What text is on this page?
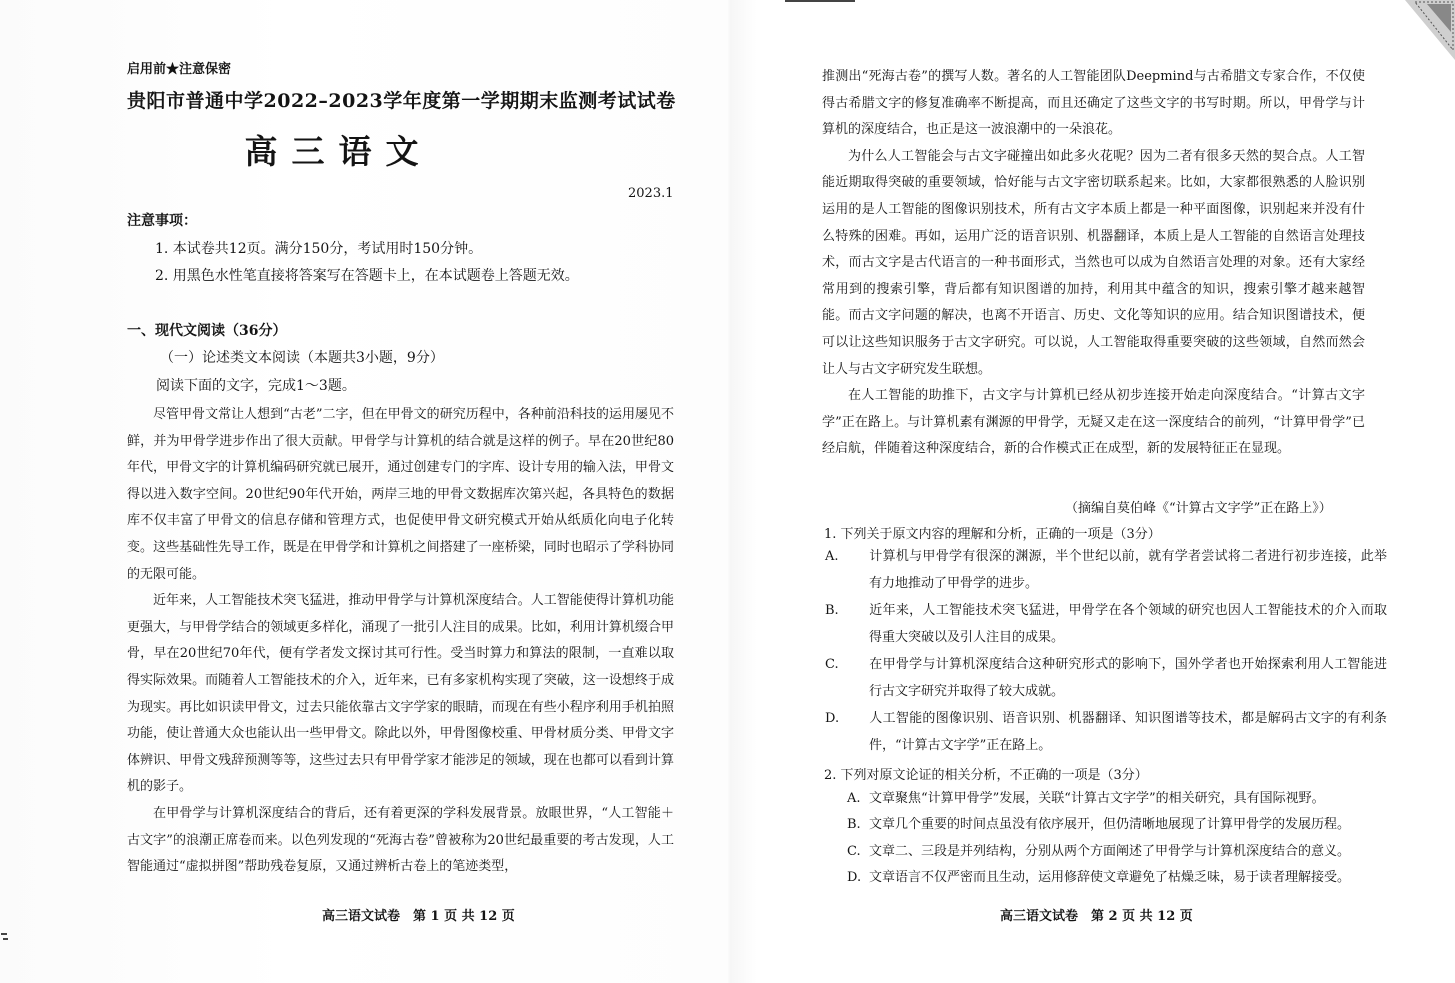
启用前★注意保密
贵阳市普通中学2022–2023学年度第一学期期末监测考试试卷
高三语文
2023.1
注意事项：
1. 本试卷共12页。满分150分，考试用时150分钟。
2. 用黑色水性笔直接将答案写在答题卡上，在本试题卷上答题无效。
一、现代文阅读（36分）
（一）论述类文本阅读（本题共3小题，9分）
阅读下面的文字，完成1～3题。

尽管甲骨文常让人想到“古老”二字，但在甲骨文的研究历程中，各种前沿科技的运用屡见不鲜，并为甲骨学进步作出了很大贡献。甲骨学与计算机的结合就是这样的例子。早在20世纪80年代，甲骨文字的计算机编码研究就已展开，通过创建专门的字库、设计专用的输入法，甲骨文得以进入数字空间。20世纪90年代开始，两岸三地的甲骨文数据库次第兴起，各具特色的数据库不仅丰富了甲骨文的信息存储和管理方式，也促使甲骨文研究模式开始从纸质化向电子化转变。这些基础性先导工作，既是在甲骨学和计算机之间搭建了一座桥梁，同时也昭示了学科协同的无限可能。

近年来，人工智能技术突飞猛进，推动甲骨学与计算机深度结合。人工智能使得计算机功能更强大，与甲骨学结合的领域更多样化，涌现了一批引人注目的成果。比如，利用计算机缀合甲骨，早在20世纪70年代，便有学者发文探讨其可行性。受当时算力和算法的限制，一直难以取得实际效果。而随着人工智能技术的介入，近年来，已有多家机构实现了突破，这一设想终于成为现实。再比如识读甲骨文，过去只能依靠古文字学家的眼睛，而现在有些小程序利用手机拍照功能，使让普通大众也能认出一些甲骨文。除此以外，甲骨图像校重、甲骨材质分类、甲骨文字体辨识、甲骨文残辞预测等等，这些过去只有甲骨学家才能涉足的领域，现在也都可以看到计算机的影子。

在甲骨学与计算机深度结合的背后，还有着更深的学科发展背景。放眼世界，“人工智能＋古文字”的浪潮正席卷而来。以色列发现的“死海古卷”曾被称为20世纪最重要的考古发现，人工智能通过“虚拟拼图”帮助残卷复原，又通过辨析古卷上的笔迹类型，

高三语文试卷　第 1 页 共 12 页

推测出“死海古卷”的撰写人数。著名的人工智能团队Deepmind与古希腊文专家合作，不仅使得古希腊文字的修复准确率不断提高，而且还确定了这些文字的书写时期。所以，甲骨学与计算机的深度结合，也正是这一波浪潮中的一朵浪花。

为什么人工智能会与古文字碰撞出如此多火花呢？因为二者有很多天然的契合点。人工智能近期取得突破的重要领域，恰好能与古文字密切联系起来。比如，大家都很熟悉的人脸识别运用的是人工智能的图像识别技术，所有古文字本质上都是一种平面图像，识别起来并没有什么特殊的困难。再如，运用广泛的语音识别、机器翻译，本质上是人工智能的自然语言处理技术，而古文字是古代语言的一种书面形式，当然也可以成为自然语言处理的对象。还有大家经常用到的搜索引擎，背后都有知识图谱的加持，利用其中蕴含的知识，搜索引擎才越来越智能。而古文字问题的解决，也离不开语言、历史、文化等知识的应用。结合知识图谱技术，便可以让这些知识服务于古文字研究。可以说，人工智能取得重要突破的这些领域，自然而然会让人与古文字研究发生联想。

在人工智能的助推下，古文字与计算机已经从初步连接开始走向深度结合。“计算古文字学”正在路上。与计算机素有渊源的甲骨学，无疑又走在这一深度结合的前列，“计算甲骨学”已经启航，伴随着这种深度结合，新的合作模式正在成型，新的发展特征正在显现。

（摘编自莫伯峰《“计算古文字学”正在路上》）
1. 下列关于原文内容的理解和分析，正确的一项是（3分）
A. 计算机与甲骨学有很深的渊源，半个世纪以前，就有学者尝试将二者进行初步连接，此举有力地推动了甲骨学的进步。
B. 近年来，人工智能技术突飞猛进，甲骨学在各个领域的研究也因人工智能技术的介入而取得重大突破以及引人注目的成果。
C. 在甲骨学与计算机深度结合这种研究形式的影响下，国外学者也开始探索利用人工智能进行古文字研究并取得了较大成就。
D. 人工智能的图像识别、语音识别、机器翻译、知识图谱等技术，都是解码古文字的有利条件，“计算古文字学”正在路上。
2. 下列对原文论证的相关分析，不正确的一项是（3分）
A. 文章聚焦“计算甲骨学”发展，关联“计算古文字学”的相关研究，具有国际视野。
B. 文章几个重要的时间点虽没有依序展开，但仍清晰地展现了计算甲骨学的发展历程。
C. 文章二、三段是并列结构，分别从两个方面阐述了甲骨学与计算机深度结合的意义。
D. 文章语言不仅严密而且生动，运用修辞使文章避免了枯燥乏味，易于读者理解接受。
高三语文试卷　第 2 页 共 12 页
